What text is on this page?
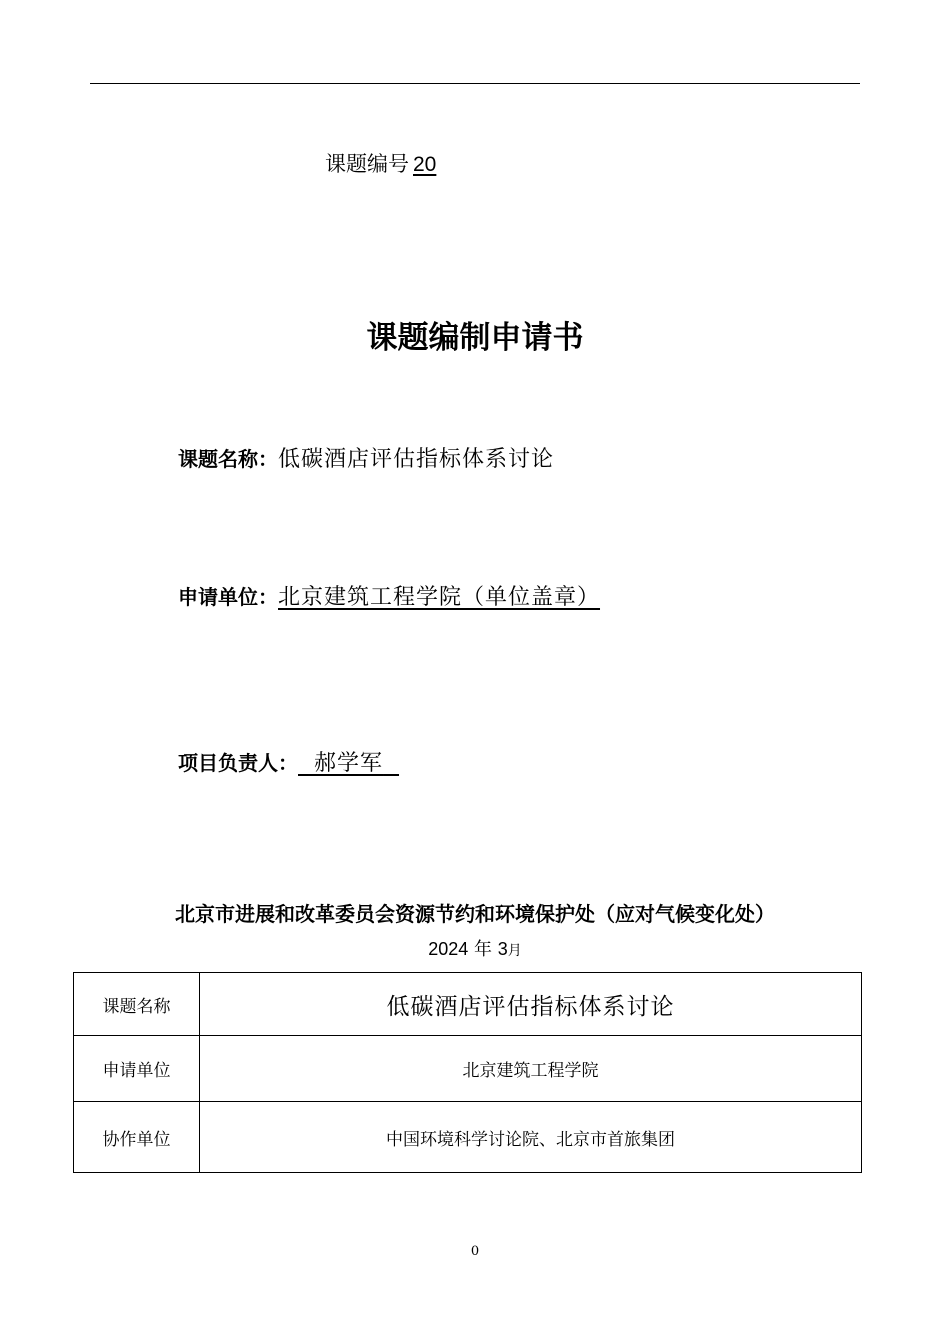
课题编号 20
课题编制申请书
课题名称：低碳酒店评估指标体系讨论
申请单位：北京建筑工程学院（单位盖章）
项目负责人： 郝学军
北京市进展和改革委员会资源节约和环境保护处（应对气候变化处）
2024 年 3月
课题名称	低碳酒店评估指标体系讨论
申请单位	北京建筑工程学院
协作单位	中国环境科学讨论院、北京市首旅集团
0
